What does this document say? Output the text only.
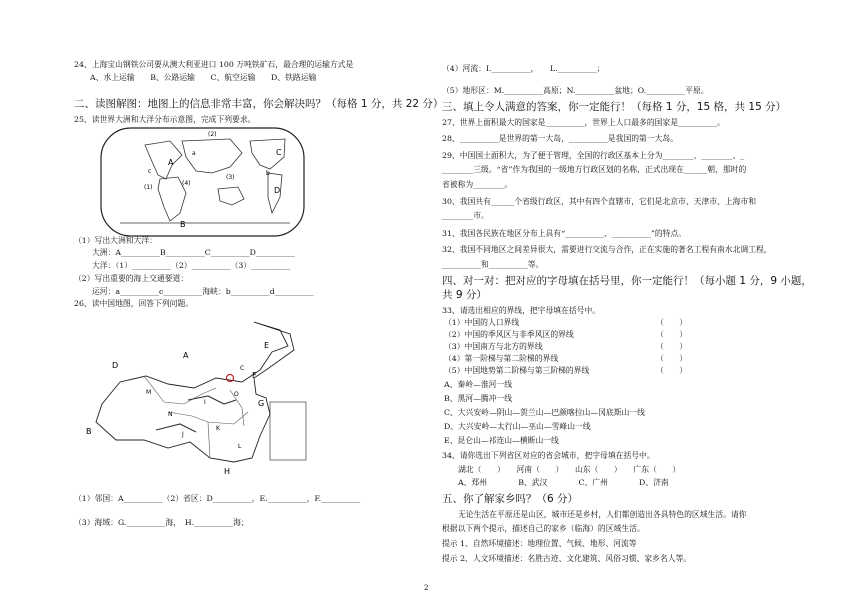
24、上海宝山钢铁公司要从澳大利亚进口 100 万吨铁矿石，最合理的运输方式是
A、水上运输　　B、公路运输　　C、航空运输　　D、铁路运输
二、读图解图：地图上的信息非常丰富，你会解决吗？（每格 1 分，共 22 分）
25、读世界大洲和大洋分布示意图，完成下列要求。
A
B
C
D
(1)
(2)
(3)
(4)
a
b
c
（1）写出大洲和大洋：
大洲：A__________B__________C__________D__________
大洋：（1）__________（2）__________（3）__________
（2）写出重要的海上交通要道：
运河：a__________c__________海峡：b__________d__________
26、读中国地图，回答下列问题。
A
B
C
D
E
F
G
H
I
J
K
L
M
N
O
（1）邻国：A__________（2）省区：D__________，E.__________，F.__________
（3）海域：G.__________海，　H.__________海；
（4）河流：I.__________，　　L.__________；
（5）地形区：M.__________高原；N.__________盆地；O.__________平原。
三、填上令人满意的答案，你一定能行！（每格 1 分，15 格，共 15 分）
27、世界上面积最大的国家是__________，世界上人口最多的国家是__________。
28、__________是世界的第一大岛，__________是我国的第一大岛。
29、中国国土面积大，为了便于管理，全国的行政区基本上分为________、________、_
________三级。“省”作为我国的一级地方行政区划的名称，正式出现在______朝，那时的
省被称为________。
30、我国共有______个省级行政区，其中有四个直辖市，它们是北京市、天津市、上海市和
________市。
31、我国各民族在地区分布上具有“__________、__________”的特点。
32、我国不同地区之间差异很大，需要进行交流与合作，正在实施的著名工程有南水北调工程，
__________和__________等。
四、对一对：把对应的字母填在括号里，你一定能行！（每小题 1 分，9 小题，
共 9 分）
33、请选出相应的界线，把字母填在括号中。
（1）中国的人口界线
（2）中国的季风区与非季风区的界线
（3）中国南方与北方的界线
（4）第一阶梯与第二阶梯的界线
（5）中国地势第二阶梯与第三阶梯的界线
（　　）
（　　）
（　　）
（　　）
（　　）
A、秦岭—淮河一线
B、黑河—腾冲一线
C、大兴安岭—阴山—贺兰山—巴颜喀拉山—冈底斯山一线
D、大兴安岭—太行山—巫山—雪峰山一线
E、昆仑山—祁连山—横断山一线
34、请你选出下列省区对应的省会城市，把字母填在括号中。
湖北（　　）　　河南（　　）　　山东（　　）　　广东（　　）
A、郑州　　　　B、武汉　　　　C、广州　　　　D、济南
五、你了解家乡吗？（6 分）
无论生活在平原还是山区，城市还是乡村，人们都创造出各具特色的区域生活。请你
根据以下两个提示，描述自己的家乡（临海）的区域生活。
提示 1、自然环境描述：地理位置、气候、地形、河流等
提示 2、人文环境描述：名胜古迹、文化建筑、风俗习惯、家乡名人等。
2
